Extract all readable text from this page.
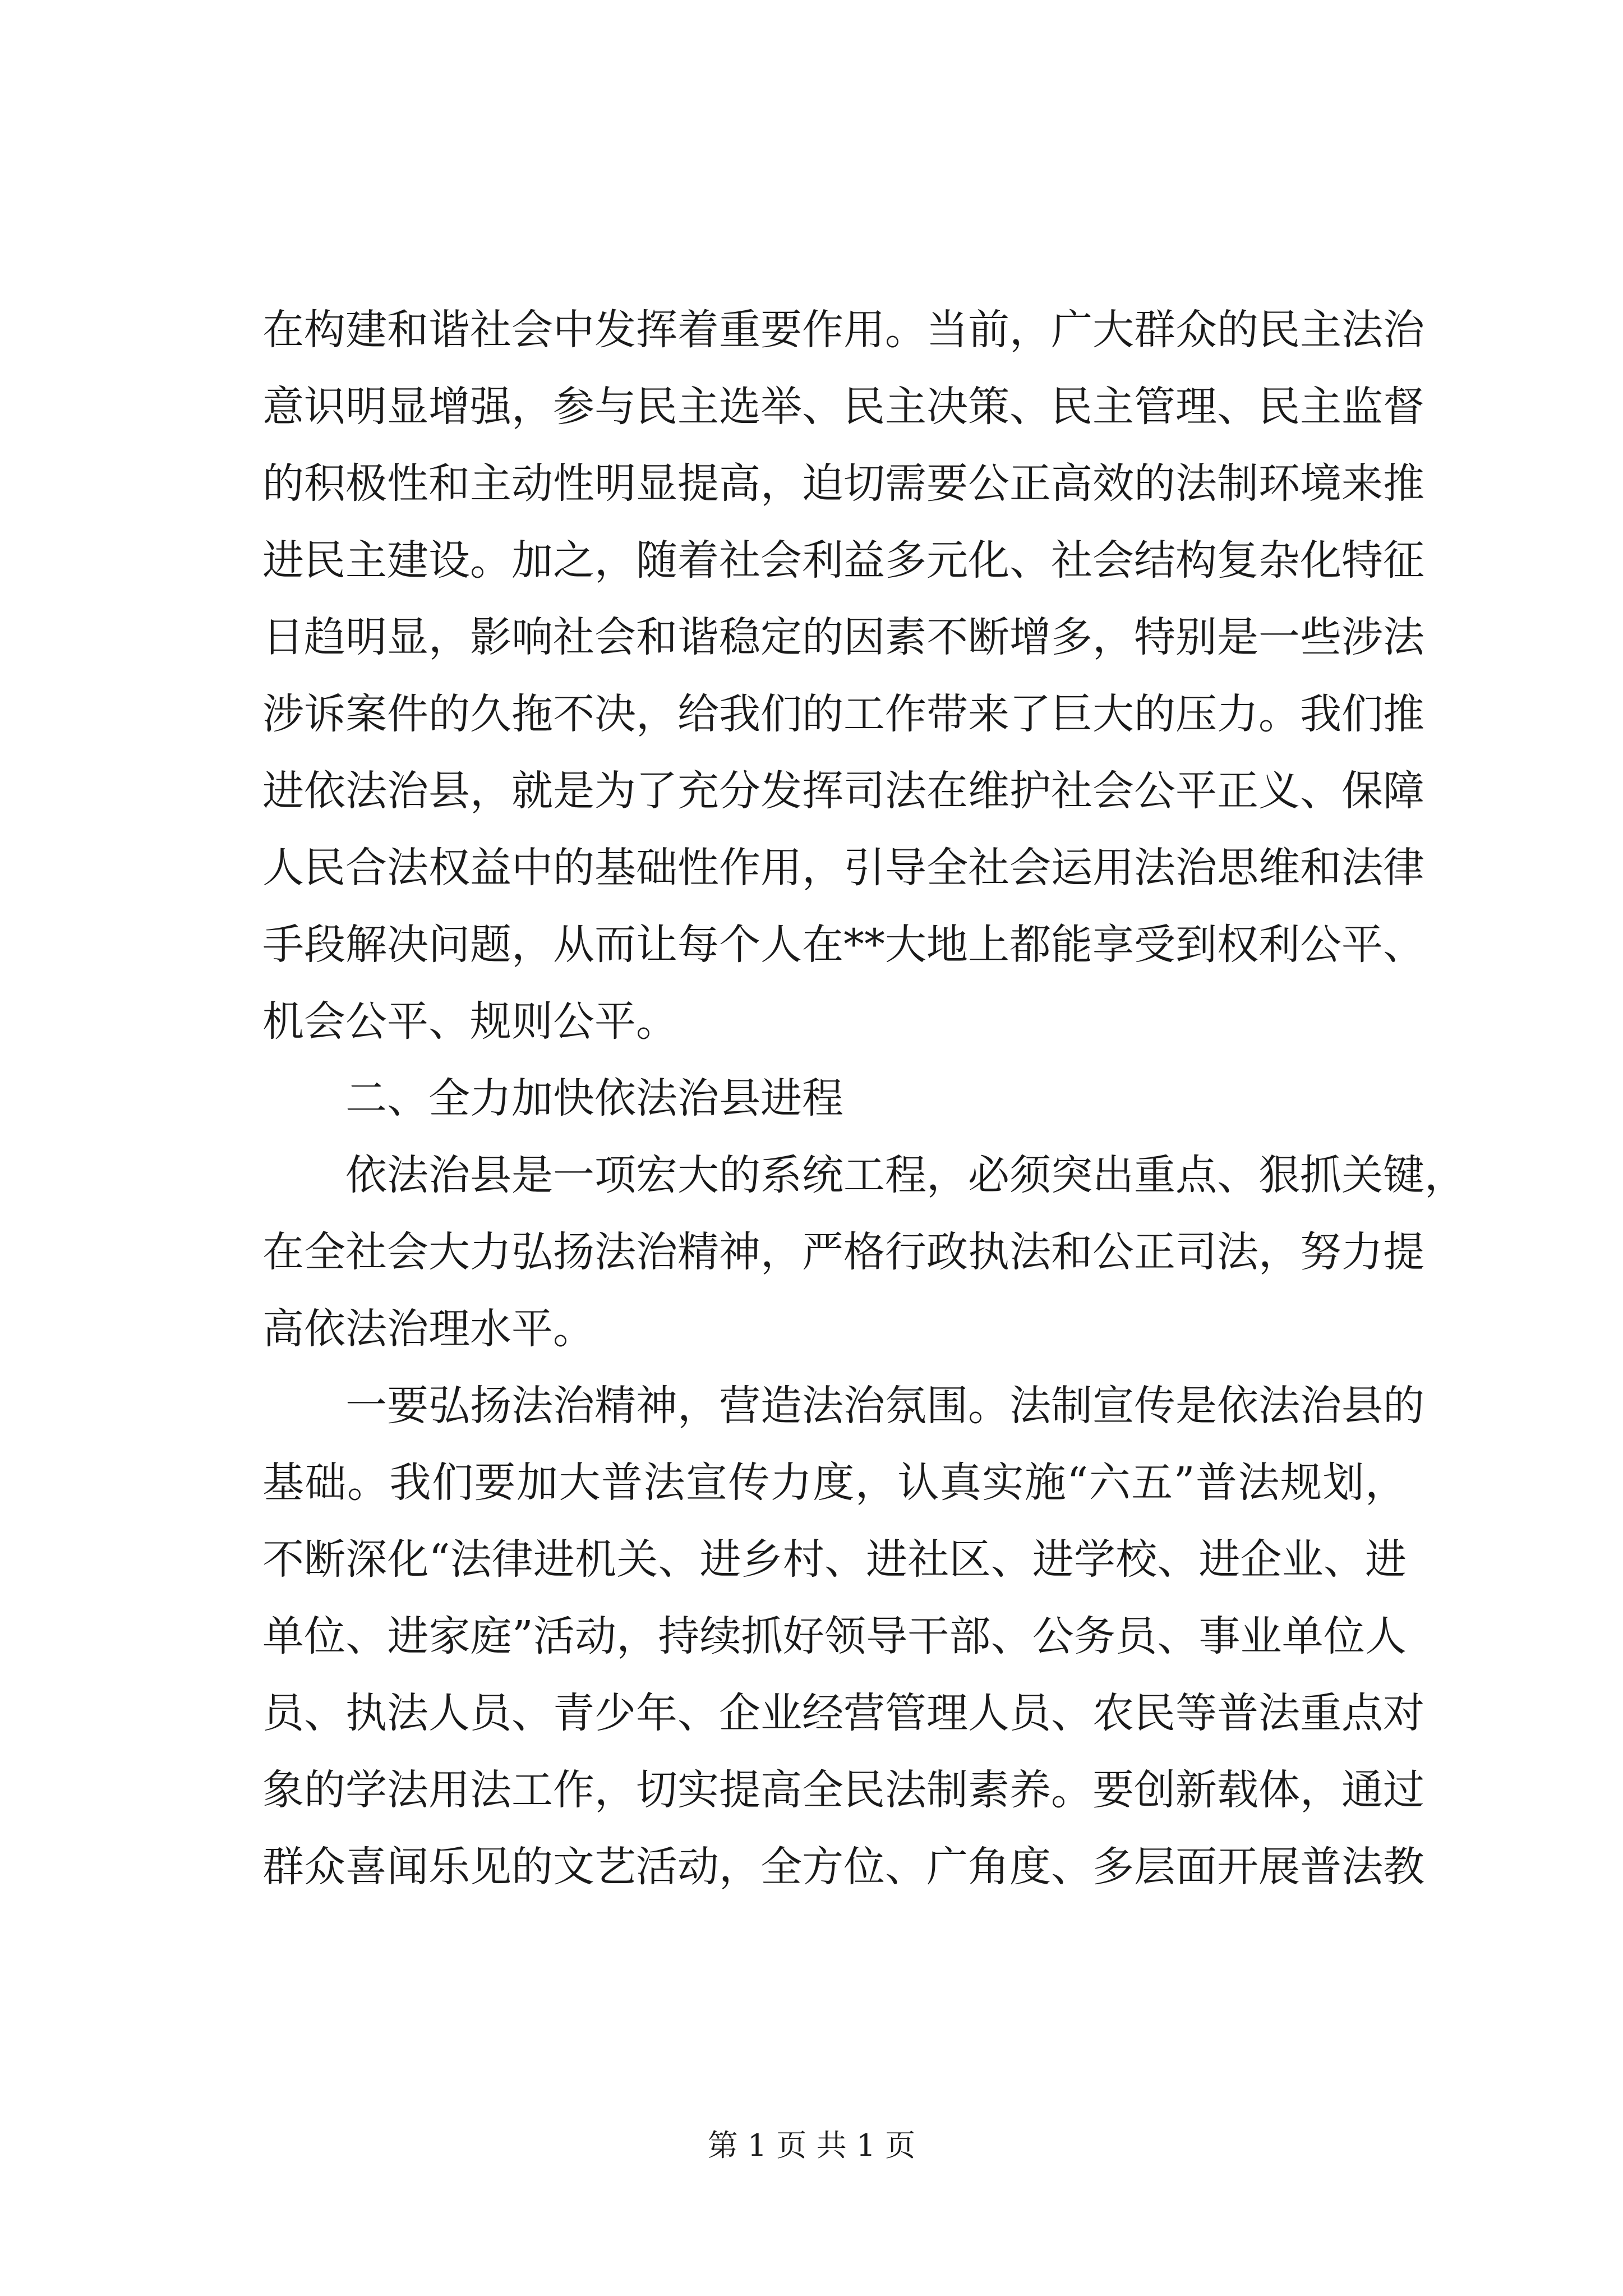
在构建和谐社会中发挥着重要作用。当前，广大群众的民主法治
意识明显增强，参与民主选举、民主决策、民主管理、民主监督
的积极性和主动性明显提高，迫切需要公正高效的法制环境来推
进民主建设。加之，随着社会利益多元化、社会结构复杂化特征
日趋明显，影响社会和谐稳定的因素不断增多，特别是一些涉法
涉诉案件的久拖不决，给我们的工作带来了巨大的压力。我们推
进依法治县，就是为了充分发挥司法在维护社会公平正义、保障
人民合法权益中的基础性作用，引导全社会运用法治思维和法律
手段解决问题，从而让每个人在**大地上都能享受到权利公平、
机会公平、规则公平。
二、全力加快依法治县进程
依法治县是一项宏大的系统工程，必须突出重点、狠抓关键，
在全社会大力弘扬法治精神，严格行政执法和公正司法，努力提
高依法治理水平。
一要弘扬法治精神，营造法治氛围。法制宣传是依法治县的
基础。我们要加大普法宣传力度，认真实施“六五”普法规划，
不断深化“法律进机关、进乡村、进社区、进学校、进企业、进
单位、进家庭”活动，持续抓好领导干部、公务员、事业单位人
员、执法人员、青少年、企业经营管理人员、农民等普法重点对
象的学法用法工作，切实提高全民法制素养。要创新载体，通过
群众喜闻乐见的文艺活动，全方位、广角度、多层面开展普法教
第 1 页 共 1 页
